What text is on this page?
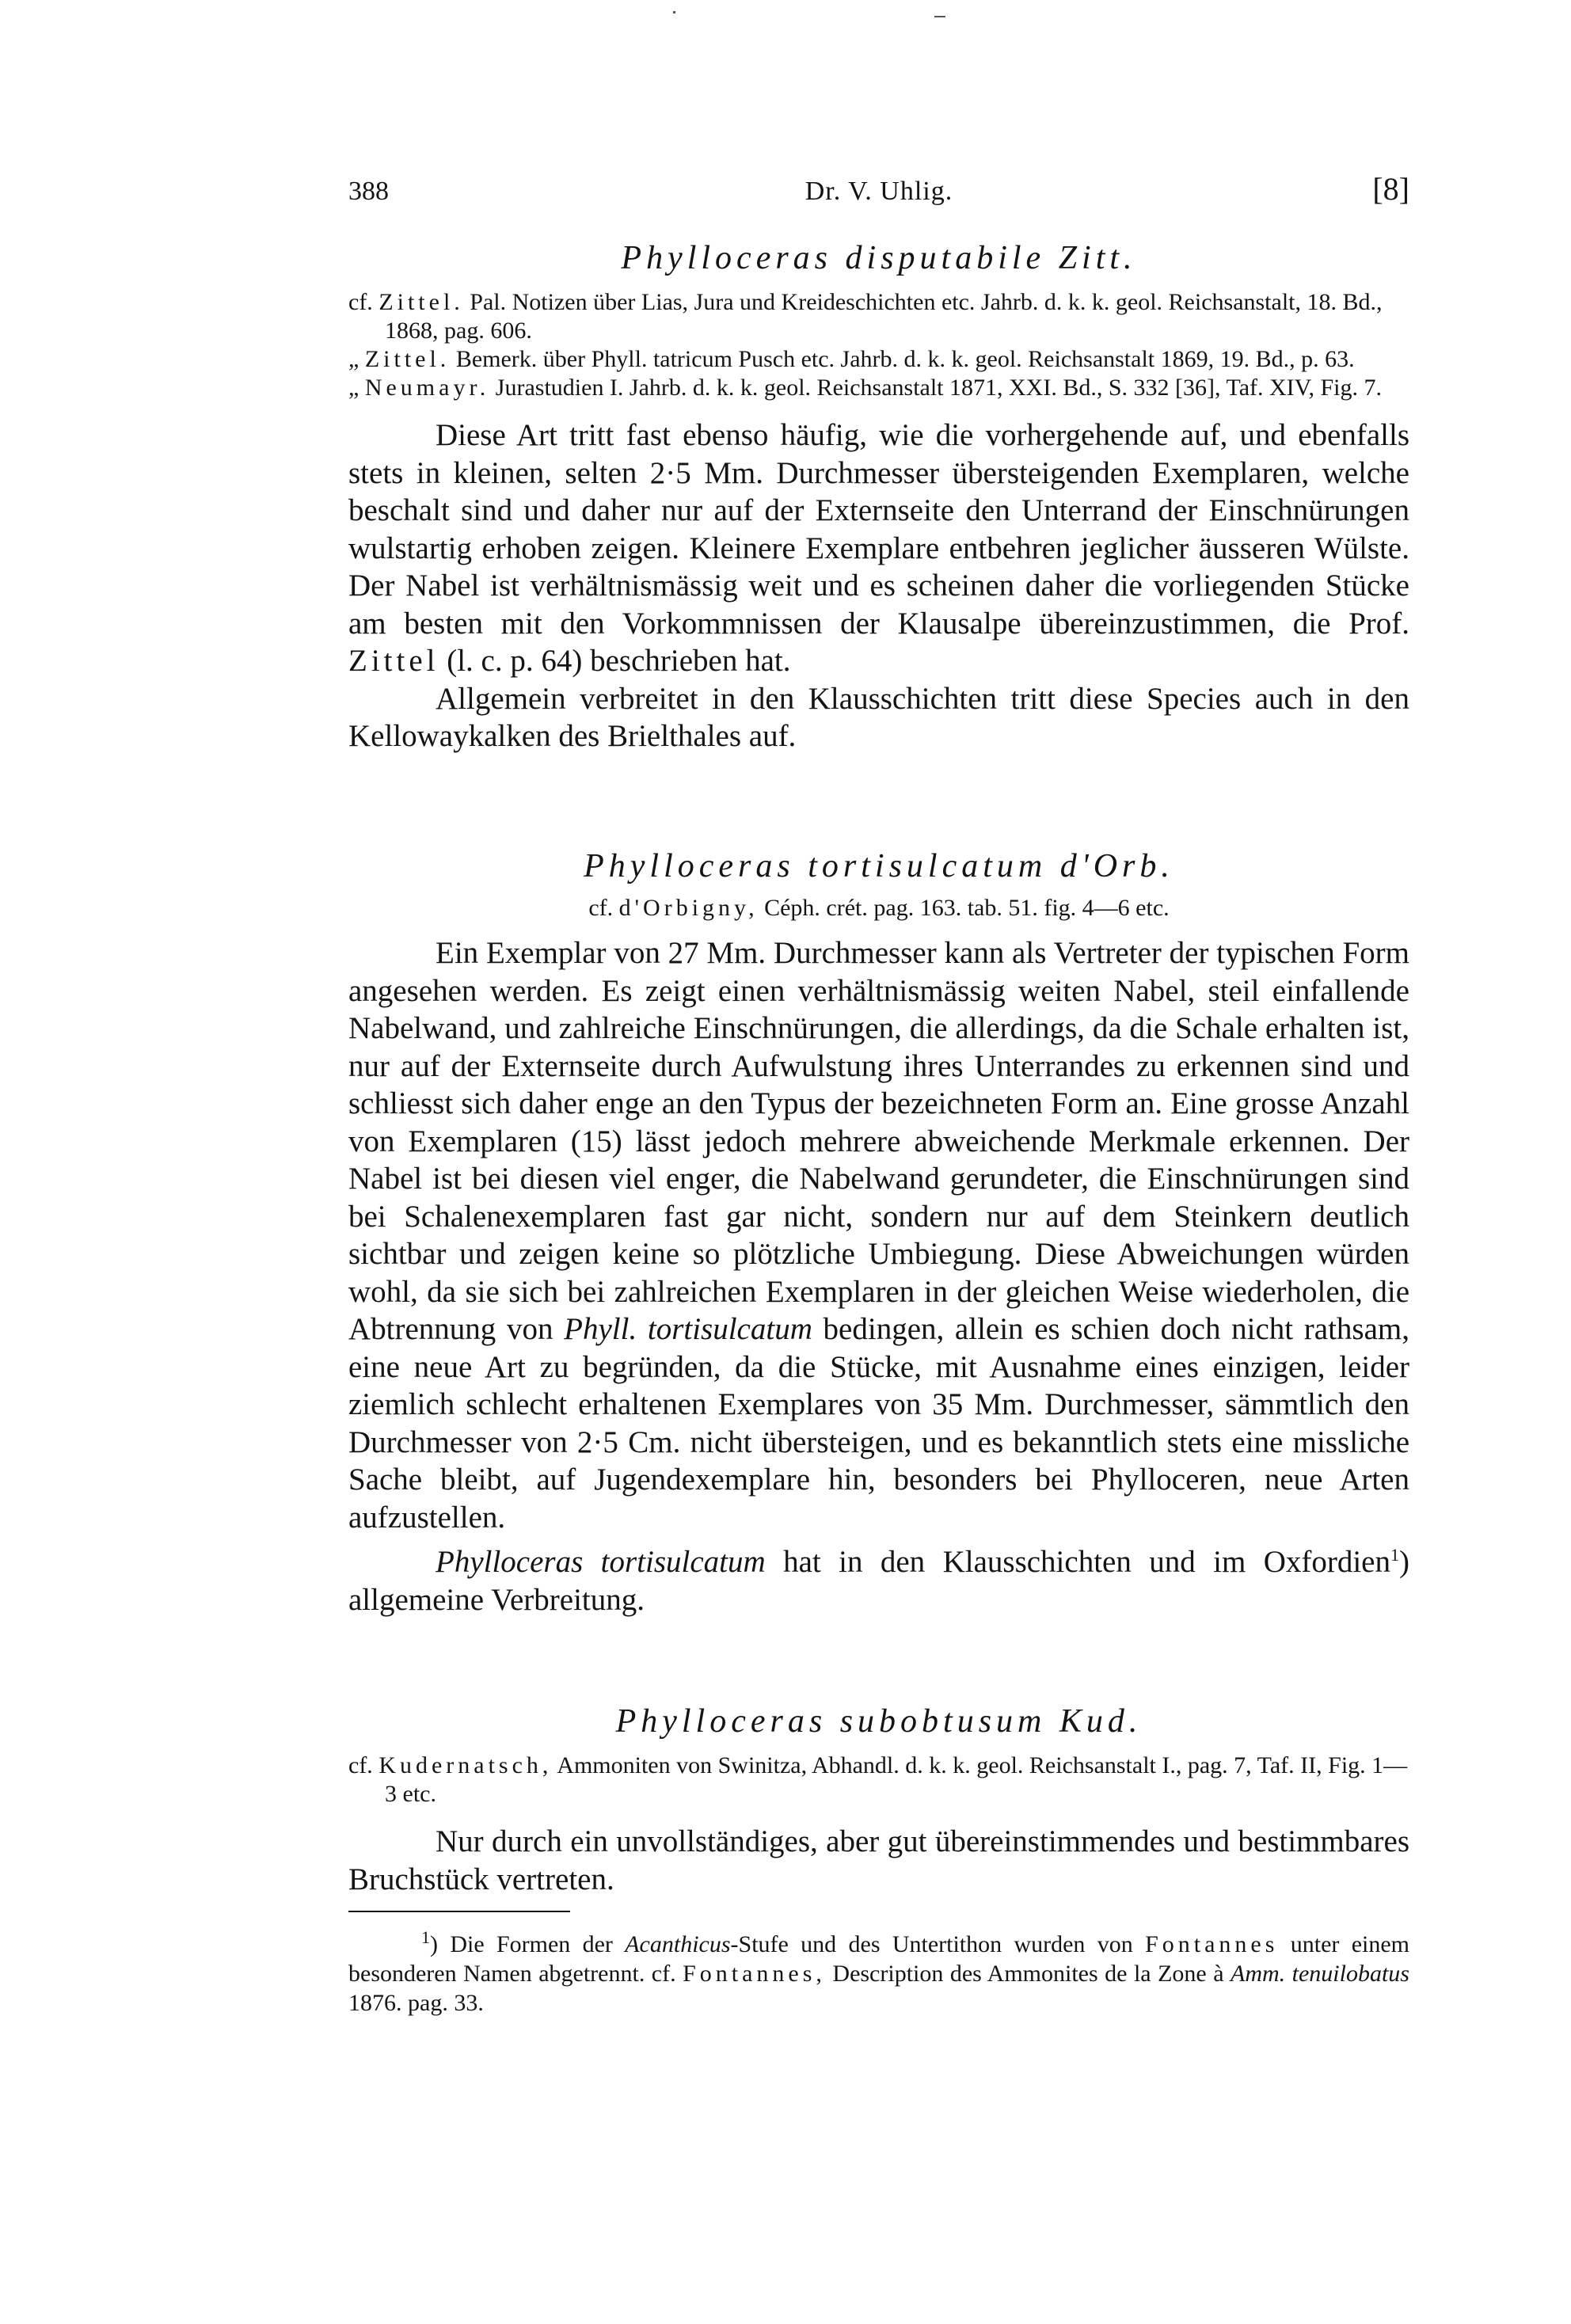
388	Dr. V. Uhlig.	[8]
Phylloceras disputabile Zitt.
cf. Zittel. Pal. Notizen über Lias, Jura und Kreideschichten etc. Jahrb. d. k. k. geol. Reichsanstalt, 18. Bd., 1868, pag. 606.
„ Zittel. Bemerk. über Phyll. tatricum Pusch etc. Jahrb. d. k. k. geol. Reichsanstalt 1869, 19. Bd., p. 63.
„ Neumayr. Jurastudien I. Jahrb. d. k. k. geol. Reichsanstalt 1871, XXI. Bd., S. 332 [36], Taf. XIV, Fig. 7.

Diese Art tritt fast ebenso häufig, wie die vorhergehende auf, und ebenfalls stets in kleinen, selten 2·5 Mm. Durchmesser übersteigenden Exemplaren, welche beschalt sind und daher nur auf der Externseite den Unterrand der Einschnürungen wulstartig erhoben zeigen. Kleinere Exemplare entbehren jeglicher äusseren Wülste. Der Nabel ist verhältnismässig weit und es scheinen daher die vorliegenden Stücke am besten mit den Vorkommnissen der Klausalpe übereinzustimmen, die Prof. Zittel (l. c. p. 64) beschrieben hat.

Allgemein verbreitet in den Klausschichten tritt diese Species auch in den Kellowaykalken des Brielthales auf.

Phylloceras tortisulcatum d'Orb.
cf. d'Orbigny, Céph. crét. pag. 163. tab. 51. fig. 4—6 etc.

Ein Exemplar von 27 Mm. Durchmesser kann als Vertreter der typischen Form angesehen werden. Es zeigt einen verhältnismässig weiten Nabel, steil einfallende Nabelwand, und zahlreiche Einschnürungen, die allerdings, da die Schale erhalten ist, nur auf der Externseite durch Aufwulstung ihres Unterrandes zu erkennen sind und schliesst sich daher enge an den Typus der bezeichneten Form an. Eine grosse Anzahl von Exemplaren (15) lässt jedoch mehrere abweichende Merkmale erkennen. Der Nabel ist bei diesen viel enger, die Nabelwand gerundeter, die Einschnürungen sind bei Schalenexemplaren fast gar nicht, sondern nur auf dem Steinkern deutlich sichtbar und zeigen keine so plötzliche Umbiegung. Diese Abweichungen würden wohl, da sie sich bei zahlreichen Exemplaren in der gleichen Weise wiederholen, die Abtrennung von Phyll. tortisulcatum bedingen, allein es schien doch nicht rathsam, eine neue Art zu begründen, da die Stücke, mit Ausnahme eines einzigen, leider ziemlich schlecht erhaltenen Exemplares von 35 Mm. Durchmesser, sämmtlich den Durchmesser von 2·5 Cm. nicht übersteigen, und es bekanntlich stets eine missliche Sache bleibt, auf Jugendexemplare hin, besonders bei Phylloceren, neue Arten aufzustellen.

Phylloceras tortisulcatum hat in den Klausschichten und im Oxfordien$^1$) allgemeine Verbreitung.

Phylloceras subobtusum Kud.
cf. Kudernatsch, Ammoniten von Swinitza, Abhandl. d. k. k. geol. Reichsanstalt I., pag. 7, Taf. II, Fig. 1—3 etc.

Nur durch ein unvollständiges, aber gut übereinstimmendes und bestimmbares Bruchstück vertreten.

$^1$) Die Formen der Acanthicus-Stufe und des Untertithon wurden von Fontannes unter einem besonderen Namen abgetrennt. cf. Fontannes, Description des Ammonites de la Zone à Amm. tenuilobatus 1876. pag. 33.
